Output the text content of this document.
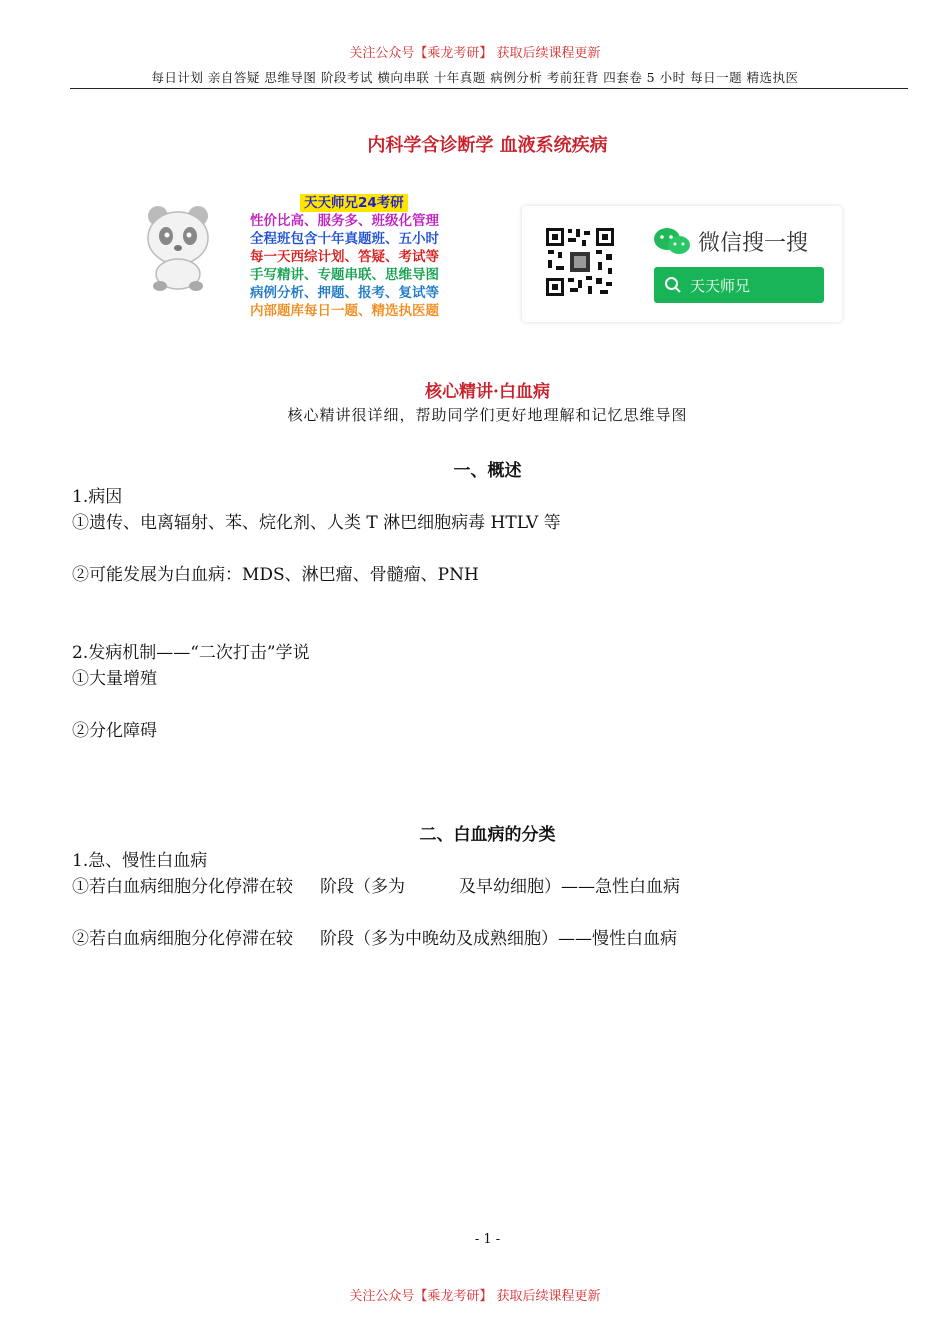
关注公众号【乘龙考研】 获取后续课程更新
每日计划 亲自答疑 思维导图 阶段考试 横向串联 十年真题 病例分析 考前狂背 四套卷 5 小时 每日一题 精选执医
内科学含诊断学 血液系统疾病
天天师兄24考研
性价比高、服务多、班级化管理
全程班包含十年真题班、五小时
每一天西综计划、答疑、考试等
手写精讲、专题串联、思维导图
病例分析、押题、报考、复试等
内部题库每日一题、精选执医题
微信搜一搜
天天师兄
核心精讲·白血病
核心精讲很详细，帮助同学们更好地理解和记忆思维导图
一、概述
1.病因
①遗传、电离辐射、苯、烷化剂、人类 T 淋巴细胞病毒 HTLV 等
②可能发展为白血病：MDS、淋巴瘤、骨髓瘤、PNH
2.发病机制——“二次打击”学说
①大量增殖
②分化障碍
二、白血病的分类
1.急、慢性白血病
①若白血病细胞分化停滞在较     阶段（多为          及早幼细胞）——急性白血病
②若白血病细胞分化停滞在较     阶段（多为中晚幼及成熟细胞）——慢性白血病
- 1 -
关注公众号【乘龙考研】 获取后续课程更新
